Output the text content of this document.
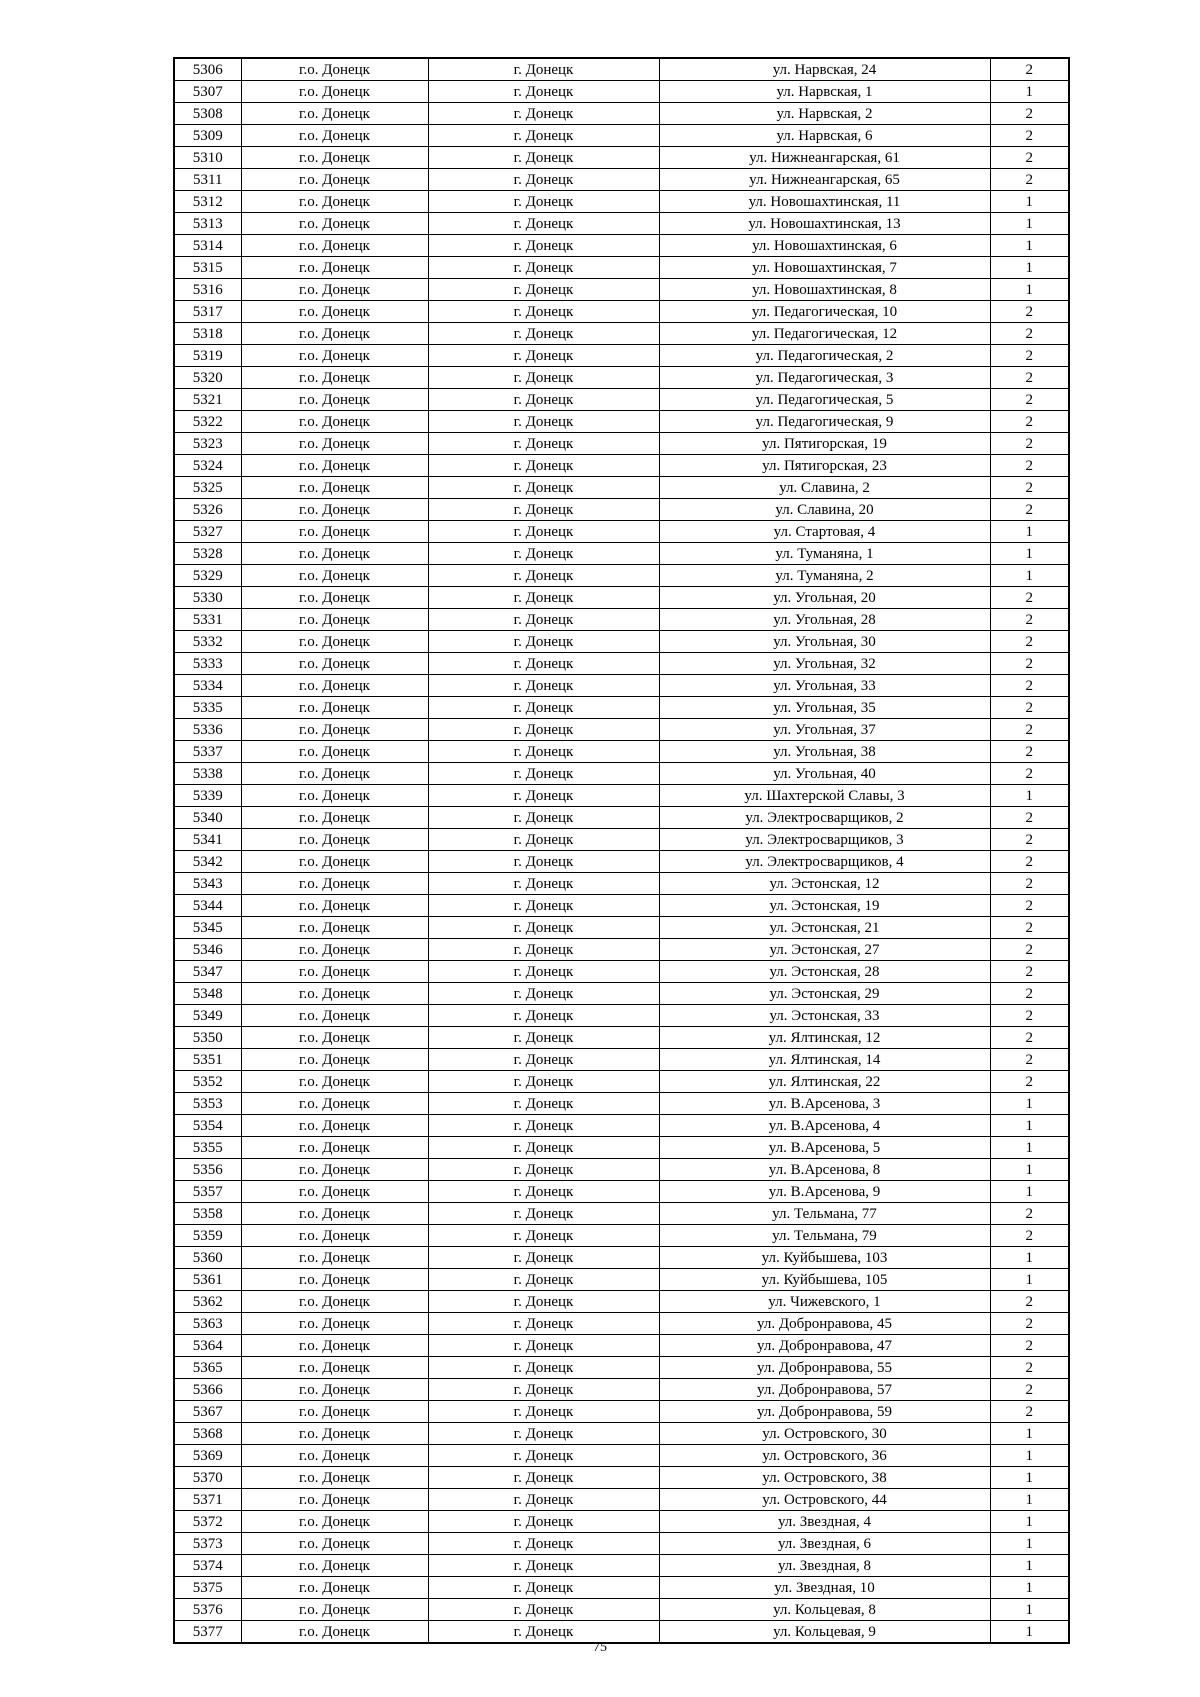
5306	г.о. Донецк	г. Донецк	ул. Нарвская, 24	2
5307	г.о. Донецк	г. Донецк	ул. Нарвская, 1	1
5308	г.о. Донецк	г. Донецк	ул. Нарвская, 2	2
5309	г.о. Донецк	г. Донецк	ул. Нарвская, 6	2
5310	г.о. Донецк	г. Донецк	ул. Нижнеангарская, 61	2
5311	г.о. Донецк	г. Донецк	ул. Нижнеангарская, 65	2
5312	г.о. Донецк	г. Донецк	ул. Новошахтинская, 11	1
5313	г.о. Донецк	г. Донецк	ул. Новошахтинская, 13	1
5314	г.о. Донецк	г. Донецк	ул. Новошахтинская, 6	1
5315	г.о. Донецк	г. Донецк	ул. Новошахтинская, 7	1
5316	г.о. Донецк	г. Донецк	ул. Новошахтинская, 8	1
5317	г.о. Донецк	г. Донецк	ул. Педагогическая, 10	2
5318	г.о. Донецк	г. Донецк	ул. Педагогическая, 12	2
5319	г.о. Донецк	г. Донецк	ул. Педагогическая, 2	2
5320	г.о. Донецк	г. Донецк	ул. Педагогическая, 3	2
5321	г.о. Донецк	г. Донецк	ул. Педагогическая, 5	2
5322	г.о. Донецк	г. Донецк	ул. Педагогическая, 9	2
5323	г.о. Донецк	г. Донецк	ул. Пятигорская, 19	2
5324	г.о. Донецк	г. Донецк	ул. Пятигорская, 23	2
5325	г.о. Донецк	г. Донецк	ул. Славина, 2	2
5326	г.о. Донецк	г. Донецк	ул. Славина, 20	2
5327	г.о. Донецк	г. Донецк	ул. Стартовая, 4	1
5328	г.о. Донецк	г. Донецк	ул. Туманяна, 1	1
5329	г.о. Донецк	г. Донецк	ул. Туманяна, 2	1
5330	г.о. Донецк	г. Донецк	ул. Угольная, 20	2
5331	г.о. Донецк	г. Донецк	ул. Угольная, 28	2
5332	г.о. Донецк	г. Донецк	ул. Угольная, 30	2
5333	г.о. Донецк	г. Донецк	ул. Угольная, 32	2
5334	г.о. Донецк	г. Донецк	ул. Угольная, 33	2
5335	г.о. Донецк	г. Донецк	ул. Угольная, 35	2
5336	г.о. Донецк	г. Донецк	ул. Угольная, 37	2
5337	г.о. Донецк	г. Донецк	ул. Угольная, 38	2
5338	г.о. Донецк	г. Донецк	ул. Угольная, 40	2
5339	г.о. Донецк	г. Донецк	ул. Шахтерской Славы, 3	1
5340	г.о. Донецк	г. Донецк	ул. Электросварщиков, 2	2
5341	г.о. Донецк	г. Донецк	ул. Электросварщиков, 3	2
5342	г.о. Донецк	г. Донецк	ул. Электросварщиков, 4	2
5343	г.о. Донецк	г. Донецк	ул. Эстонская, 12	2
5344	г.о. Донецк	г. Донецк	ул. Эстонская, 19	2
5345	г.о. Донецк	г. Донецк	ул. Эстонская, 21	2
5346	г.о. Донецк	г. Донецк	ул. Эстонская, 27	2
5347	г.о. Донецк	г. Донецк	ул. Эстонская, 28	2
5348	г.о. Донецк	г. Донецк	ул. Эстонская, 29	2
5349	г.о. Донецк	г. Донецк	ул. Эстонская, 33	2
5350	г.о. Донецк	г. Донецк	ул. Ялтинская, 12	2
5351	г.о. Донецк	г. Донецк	ул. Ялтинская, 14	2
5352	г.о. Донецк	г. Донецк	ул. Ялтинская, 22	2
5353	г.о. Донецк	г. Донецк	ул. В.Арсенова, 3	1
5354	г.о. Донецк	г. Донецк	ул. В.Арсенова, 4	1
5355	г.о. Донецк	г. Донецк	ул. В.Арсенова, 5	1
5356	г.о. Донецк	г. Донецк	ул. В.Арсенова, 8	1
5357	г.о. Донецк	г. Донецк	ул. В.Арсенова, 9	1
5358	г.о. Донецк	г. Донецк	ул. Тельмана, 77	2
5359	г.о. Донецк	г. Донецк	ул. Тельмана, 79	2
5360	г.о. Донецк	г. Донецк	ул. Куйбышева, 103	1
5361	г.о. Донецк	г. Донецк	ул. Куйбышева, 105	1
5362	г.о. Донецк	г. Донецк	ул. Чижевского, 1	2
5363	г.о. Донецк	г. Донецк	ул. Добронравова, 45	2
5364	г.о. Донецк	г. Донецк	ул. Добронравова, 47	2
5365	г.о. Донецк	г. Донецк	ул. Добронравова, 55	2
5366	г.о. Донецк	г. Донецк	ул. Добронравова, 57	2
5367	г.о. Донецк	г. Донецк	ул. Добронравова, 59	2
5368	г.о. Донецк	г. Донецк	ул. Островского, 30	1
5369	г.о. Донецк	г. Донецк	ул. Островского, 36	1
5370	г.о. Донецк	г. Донецк	ул. Островского, 38	1
5371	г.о. Донецк	г. Донецк	ул. Островского, 44	1
5372	г.о. Донецк	г. Донецк	ул. Звездная, 4	1
5373	г.о. Донецк	г. Донецк	ул. Звездная, 6	1
5374	г.о. Донецк	г. Донецк	ул. Звездная, 8	1
5375	г.о. Донецк	г. Донецк	ул. Звездная, 10	1
5376	г.о. Донецк	г. Донецк	ул. Кольцевая, 8	1
5377	г.о. Донецк	г. Донецк	ул. Кольцевая, 9	1
75
